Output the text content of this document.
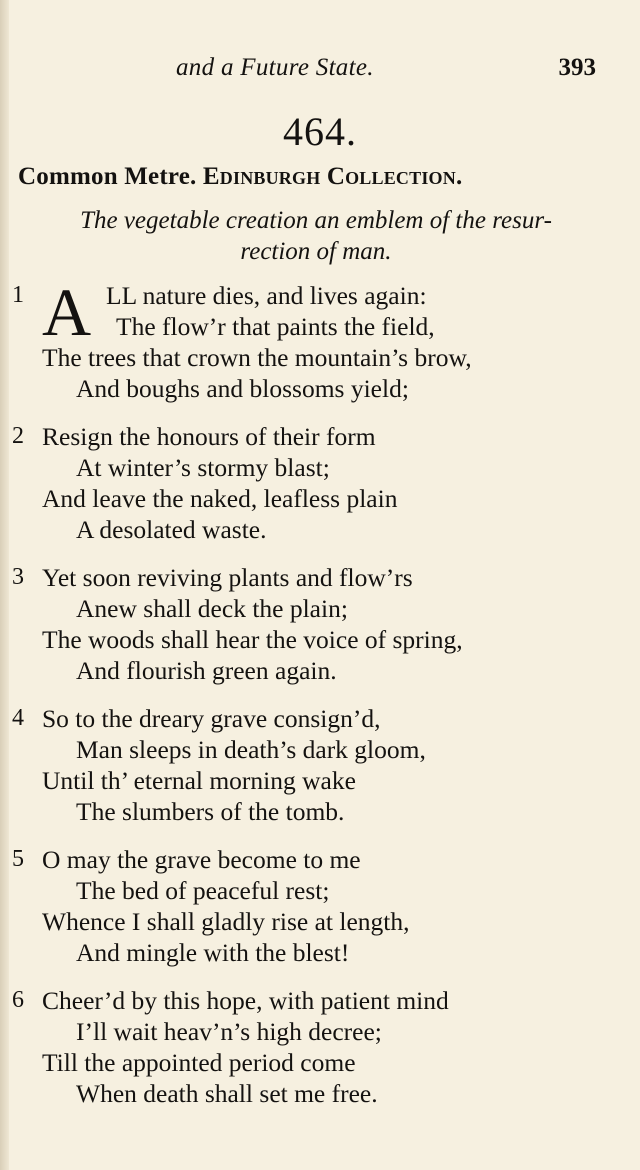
and a Future State.	393
464.
Common Metre. Edinburgh Collection.
The vegetable creation an emblem of the resur-
rection of man.
1 A LL nature dies, and lives again:
The flow’r that paints the field,
The trees that crown the mountain’s brow,
And boughs and blossoms yield;
2 Resign the honours of their form
At winter’s stormy blast;
And leave the naked, leafless plain
A desolated waste.
3 Yet soon reviving plants and flow’rs
Anew shall deck the plain;
The woods shall hear the voice of spring,
And flourish green again.
4 So to the dreary grave consign’d,
Man sleeps in death’s dark gloom,
Until th’ eternal morning wake
The slumbers of the tomb.
5 O may the grave become to me
The bed of peaceful rest;
Whence I shall gladly rise at length,
And mingle with the blest!
6 Cheer’d by this hope, with patient mind
I’ll wait heav’n’s high decree;
Till the appointed period come
When death shall set me free.
